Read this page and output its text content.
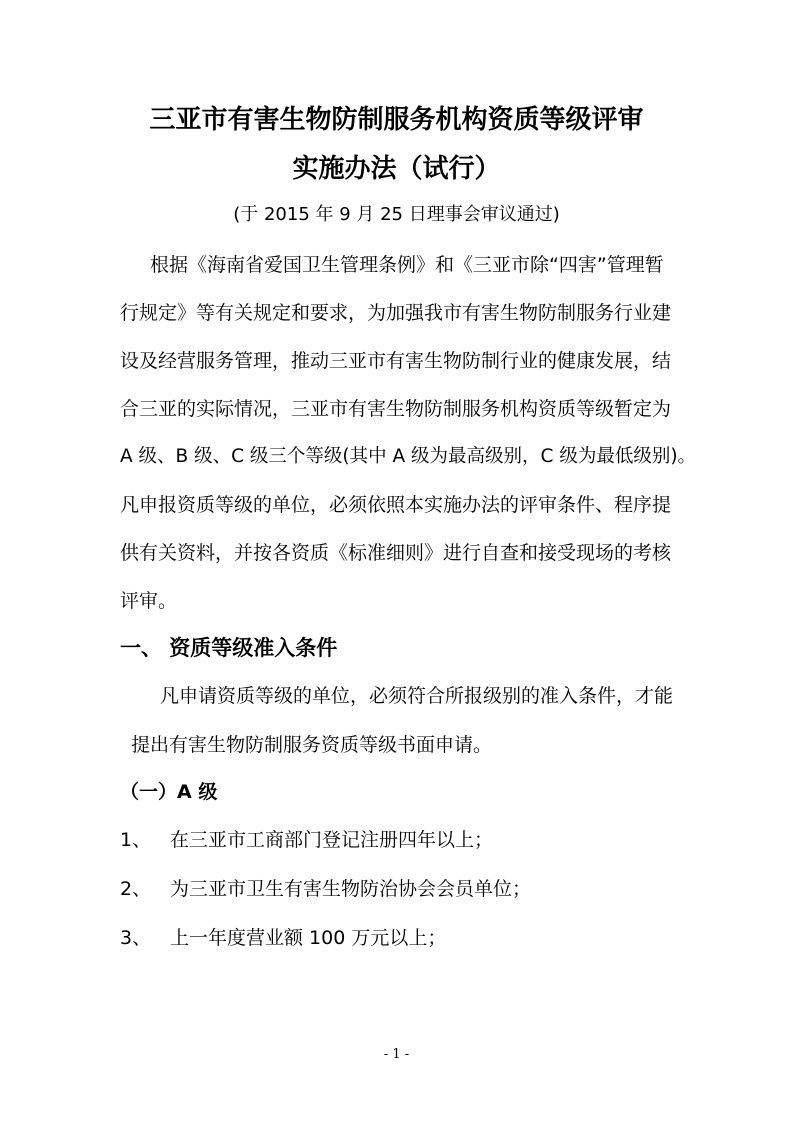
三亚市有害生物防制服务机构资质等级评审
实施办法（试行）
(于 2015 年 9 月 25 日理事会审议通过)
根据《海南省爱国卫生管理条例》和《三亚市除“四害”管理暂
行规定》等有关规定和要求，为加强我市有害生物防制服务行业建
设及经营服务管理，推动三亚市有害生物防制行业的健康发展，结
合三亚的实际情况，三亚市有害生物防制服务机构资质等级暂定为
A 级、B 级、C 级三个等级(其中 A 级为最高级别，C 级为最低级别)。
凡申报资质等级的单位，必须依照本实施办法的评审条件、程序提
供有关资料，并按各资质《标准细则》进行自查和接受现场的考核
评审。
一、 资质等级准入条件
凡申请资质等级的单位，必须符合所报级别的准入条件，才能
提出有害生物防制服务资质等级书面申请。
（一）A 级
1、 在三亚市工商部门登记注册四年以上；
2、 为三亚市卫生有害生物防治协会会员单位；
3、 上一年度营业额 100 万元以上；
- 1 -
